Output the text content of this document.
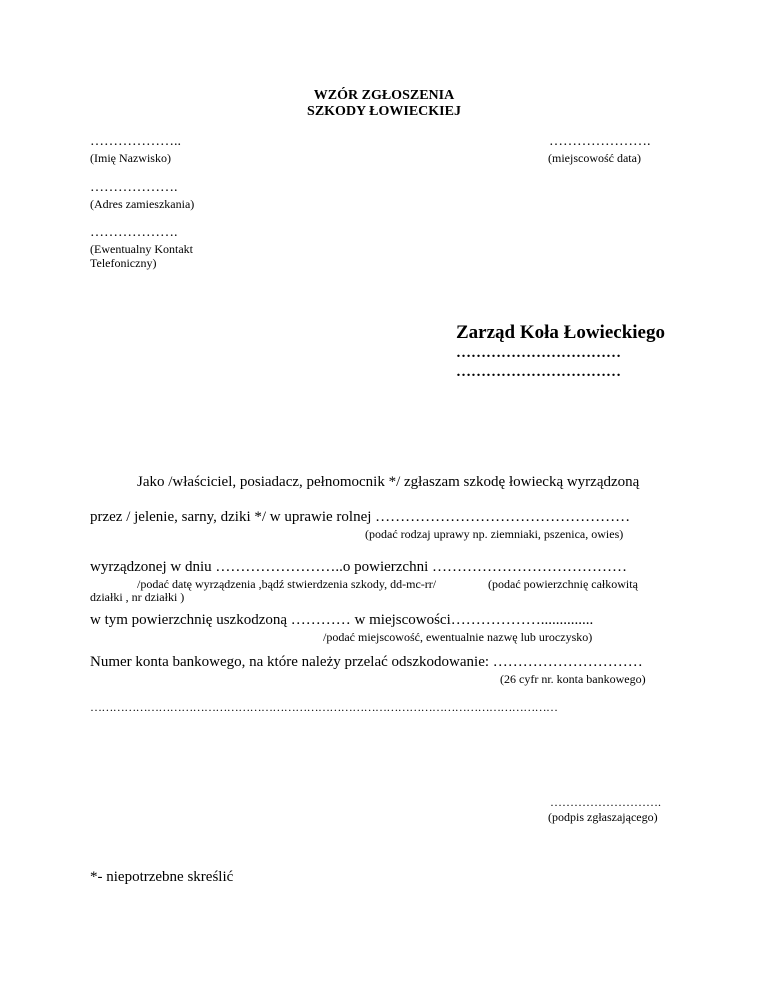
WZÓR ZGŁOSZENIA
SZKODY ŁOWIECKIEJ
………………..
(Imię Nazwisko)
……………….
(Adres zamieszkania)
……………….
(Ewentualny Kontakt
Telefoniczny)
………………….
(miejscowość data)
Zarząd Koła Łowieckiego
……………………………
……………………………
Jako /właściciel, posiadacz, pełnomocnik */ zgłaszam szkodę łowiecką wyrządzoną
przez / jelenie, sarny, dziki */ w uprawie rolnej ……………………………………………
(podać rodzaj uprawy np. ziemniaki, pszenica, owies)
wyrządzonej w dniu ……………………..o powierzchni …………………………………
/podać datę wyrządzenia ,bądź stwierdzenia szkody, dd-mc-rr/	(podać powierzchnię całkowitą
działki , nr działki )
w tym powierzchnię uszkodzoną ………… w miejscowości………………..............
/podać miejscowość, ewentualnie nazwę lub uroczysko)
Numer konta bankowego, na które należy przelać odszkodowanie: …………………………
(26 cyfr nr. konta bankowego)
……………………………………………………………………………………………………………
……………………….
(podpis zgłaszającego)
*- niepotrzebne skreślić
